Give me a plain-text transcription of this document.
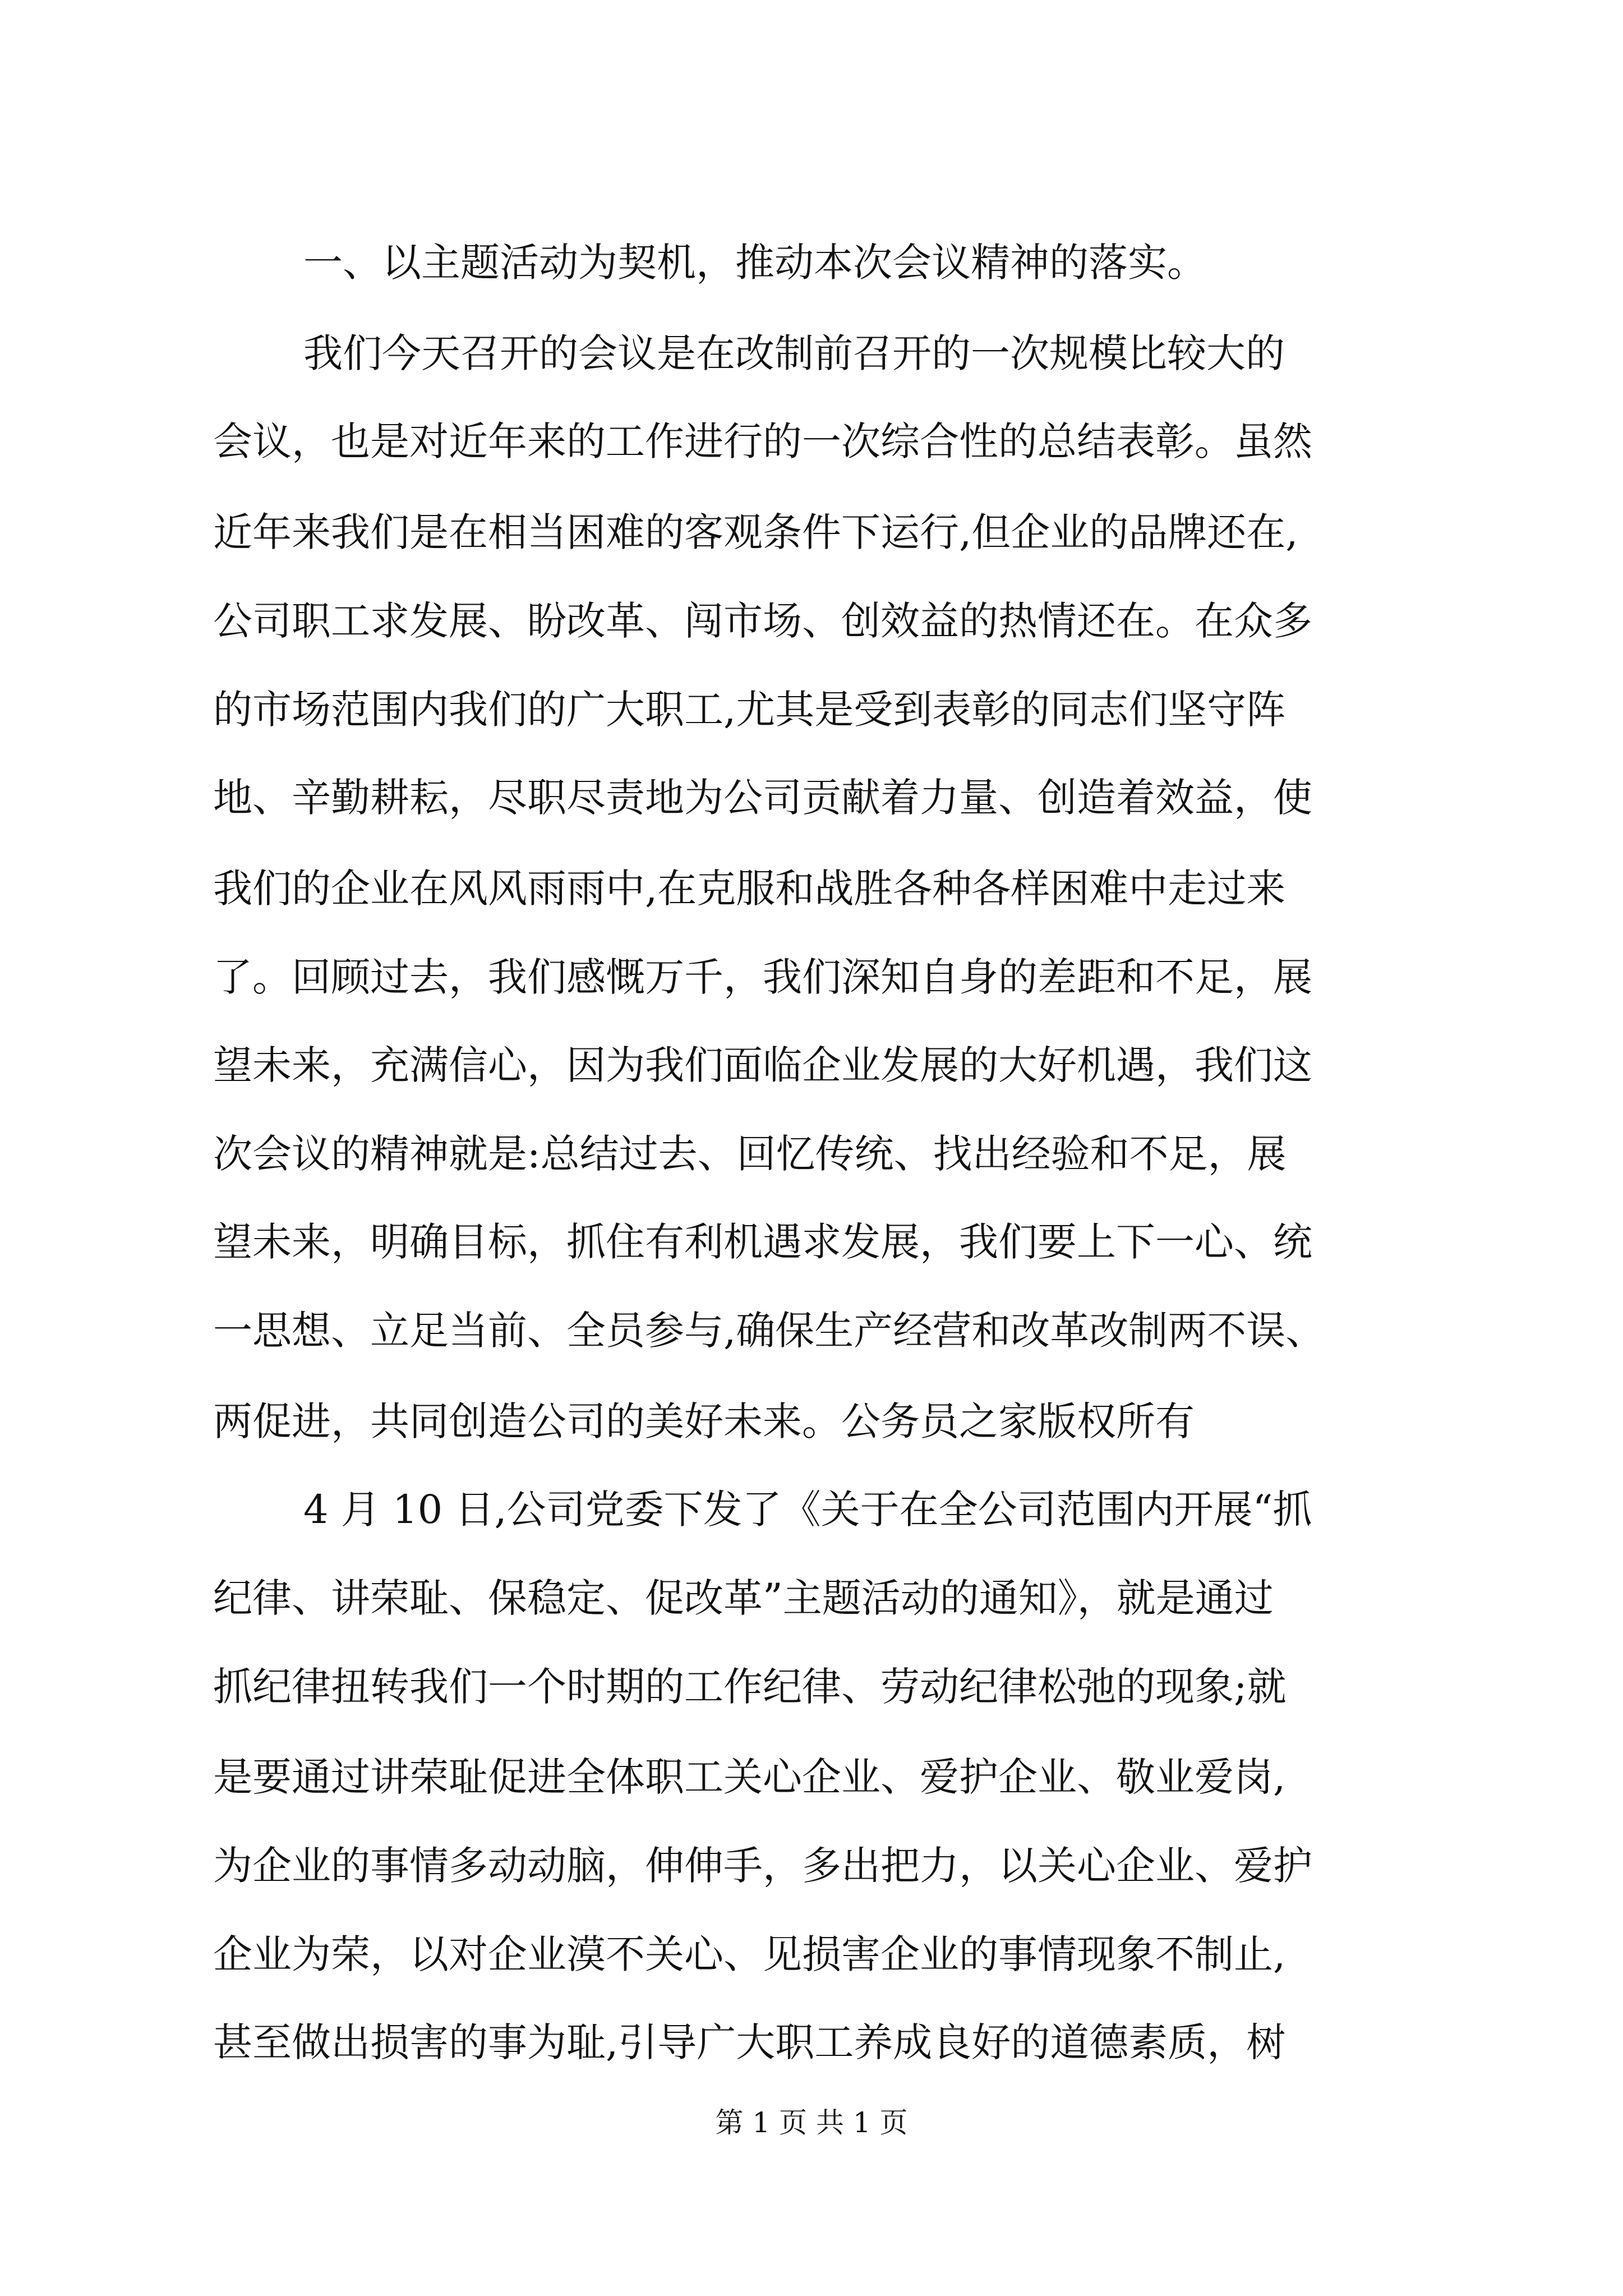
一、以主题活动为契机，推动本次会议精神的落实。
我们今天召开的会议是在改制前召开的一次规模比较大的
会议，也是对近年来的工作进行的一次综合性的总结表彰。虽然
近年来我们是在相当困难的客观条件下运行,但企业的品牌还在,
公司职工求发展、盼改革、闯市场、创效益的热情还在。在众多
的市场范围内我们的广大职工,尤其是受到表彰的同志们坚守阵
地、辛勤耕耘，尽职尽责地为公司贡献着力量、创造着效益，使
我们的企业在风风雨雨中,在克服和战胜各种各样困难中走过来
了。回顾过去，我们感慨万千，我们深知自身的差距和不足，展
望未来，充满信心，因为我们面临企业发展的大好机遇，我们这
次会议的精神就是:总结过去、回忆传统、找出经验和不足，展
望未来，明确目标，抓住有利机遇求发展，我们要上下一心、统
一思想、立足当前、全员参与,确保生产经营和改革改制两不误、
两促进，共同创造公司的美好未来。公务员之家版权所有
4 月 10 日,公司党委下发了《关于在全公司范围内开展“抓
纪律、讲荣耻、保稳定、促改革”主题活动的通知》，就是通过
抓纪律扭转我们一个时期的工作纪律、劳动纪律松弛的现象;就
是要通过讲荣耻促进全体职工关心企业、爱护企业、敬业爱岗,
为企业的事情多动动脑，伸伸手，多出把力，以关心企业、爱护
企业为荣，以对企业漠不关心、见损害企业的事情现象不制止,
甚至做出损害的事为耻,引导广大职工养成良好的道德素质，树
第 1 页 共 1 页
